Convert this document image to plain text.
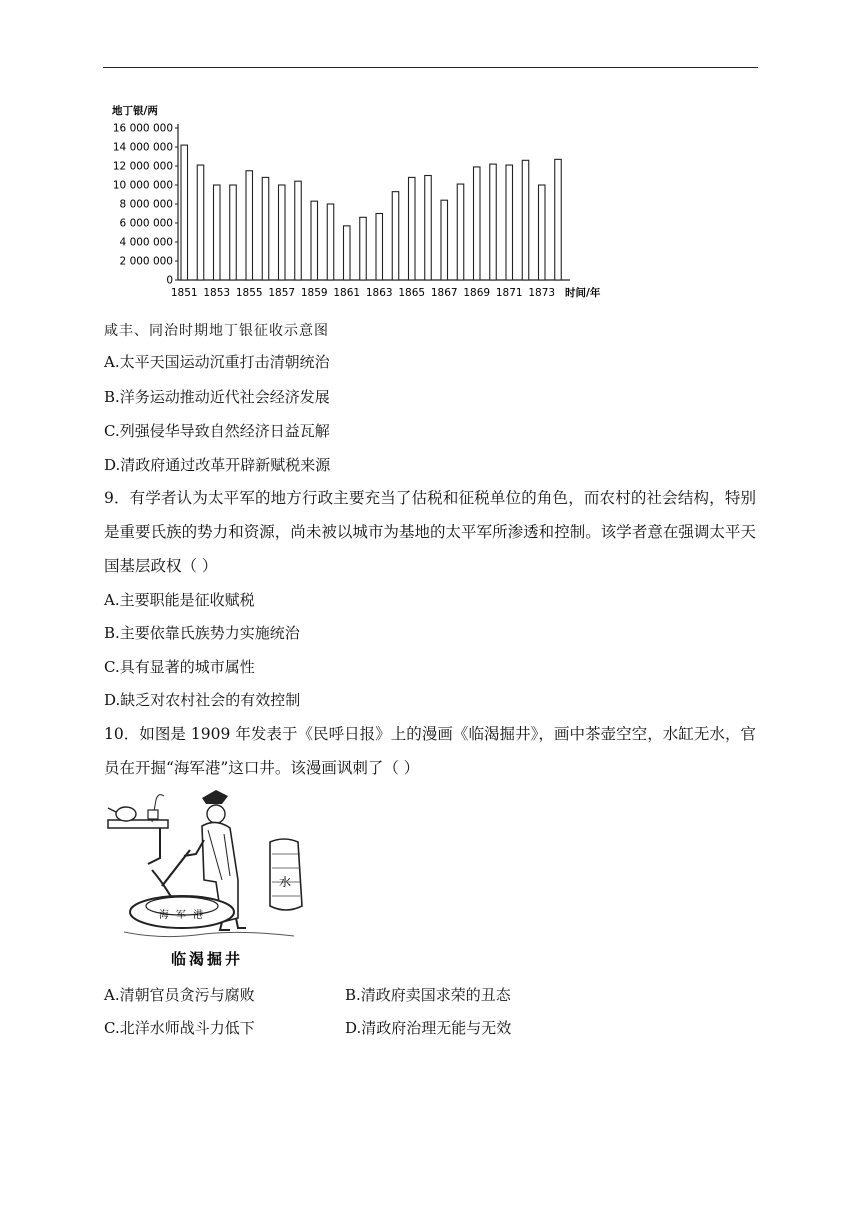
地丁银/两
0
2 000 000
4 000 000
6 000 000
8 000 000
10 000 000
12 000 000
14 000 000
16 000 000
1851 1853 1855 1857 1859 1861 1863 1865 1867 1869 1871 1873 时间/年
咸丰、同治时期地丁银征收示意图
A.太平天国运动沉重打击清朝统治
B.洋务运动推动近代社会经济发展
C.列强侵华导致自然经济日益瓦解
D.清政府通过改革开辟新赋税来源
9．有学者认为太平军的地方行政主要充当了估税和征税单位的角色，而农村的社会结构，特别是重要氏族的势力和资源，尚未被以城市为基地的太平军所渗透和控制。该学者意在强调太平天国基层政权（ ）
A.主要职能是征收赋税
B.主要依靠氏族势力实施统治
C.具有显著的城市属性
D.缺乏对农村社会的有效控制
10．如图是 1909 年发表于《民呼日报》上的漫画《临渴掘井》，画中茶壶空空，水缸无水，官员在开掘“海军港”这口井。该漫画讽刺了（ ）
水
海 军 港
临渴掘井
A.清朝官员贪污与腐败	B.清政府卖国求荣的丑态
C.北洋水师战斗力低下	D.清政府治理无能与无效
